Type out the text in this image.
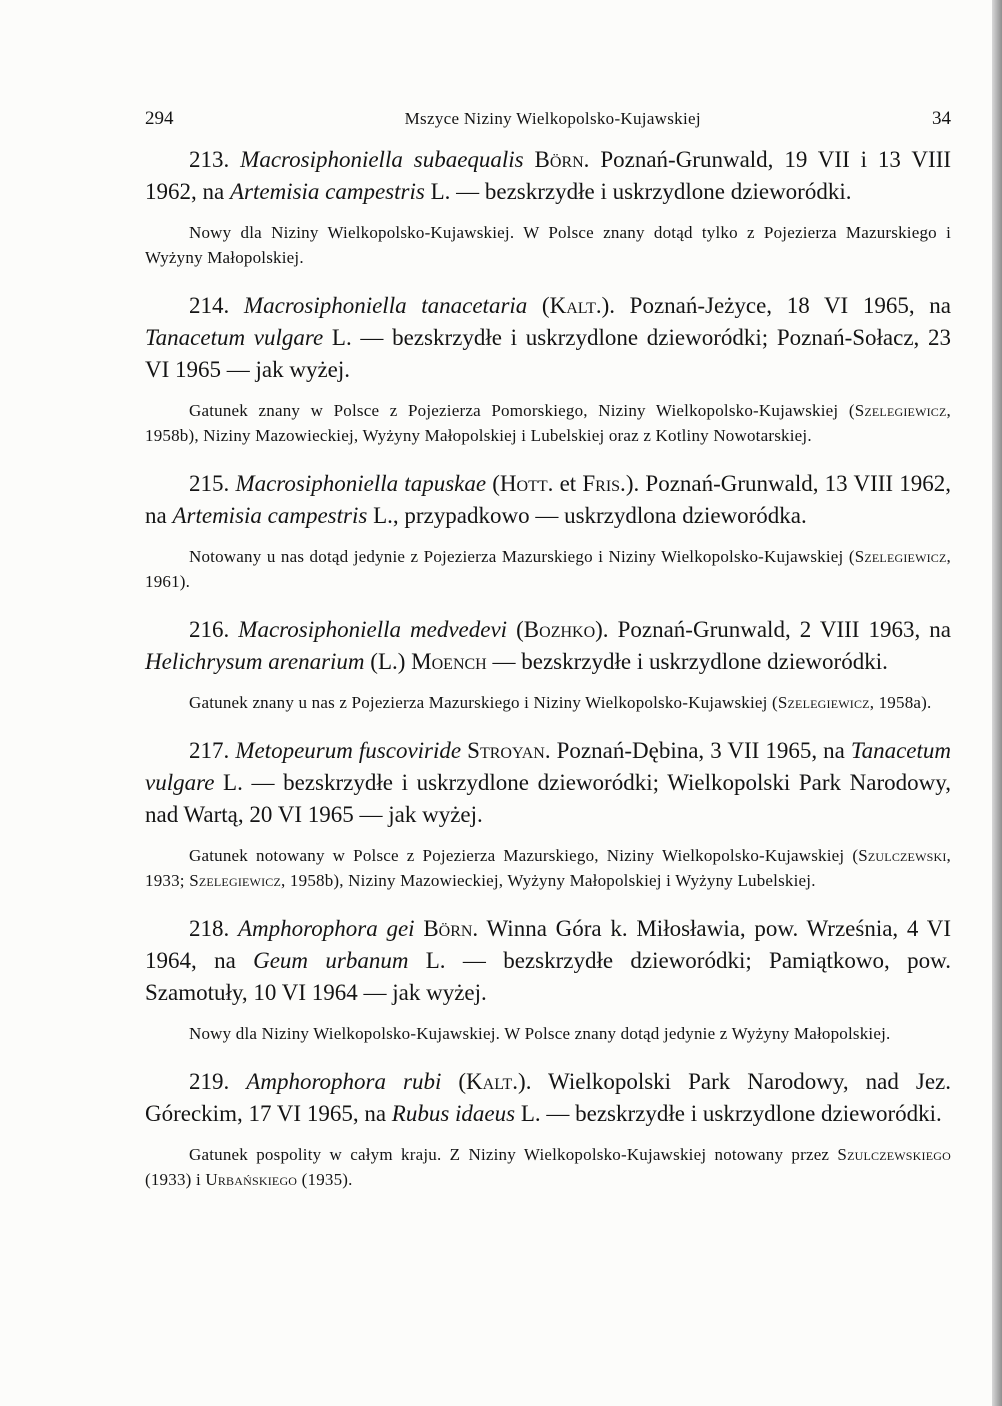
294	Mszyce Niziny Wielkopolsko-Kujawskiej	34

213. Macrosiphoniella subaequalis Börn. Poznań-Grunwald, 19 VII i 13 VIII 1962, na Artemisia campestris L. — bezskrzydłe i uskrzydlone dzieworódki.

Nowy dla Niziny Wielkopolsko-Kujawskiej. W Polsce znany dotąd tylko z Pojezierza Mazurskiego i Wyżyny Małopolskiej.

214. Macrosiphoniella tanacetaria (Kalt.). Poznań-Jeżyce, 18 VI 1965, na Tanacetum vulgare L. — bezskrzydłe i uskrzydlone dzieworódki; Poznań-Sołacz, 23 VI 1965 — jak wyżej.

Gatunek znany w Polsce z Pojezierza Pomorskiego, Niziny Wielkopolsko-Kujawskiej (Szelegiewicz, 1958b), Niziny Mazowieckiej, Wyżyny Małopolskiej i Lubelskiej oraz z Kotliny Nowotarskiej.

215. Macrosiphoniella tapuskae (Hott. et Fris.). Poznań-Grunwald, 13 VIII 1962, na Artemisia campestris L., przypadkowo — uskrzydlona dzieworódka.

Notowany u nas dotąd jedynie z Pojezierza Mazurskiego i Niziny Wielkopolsko-Kujawskiej (Szelegiewicz, 1961).

216. Macrosiphoniella medvedevi (Bozhko). Poznań-Grunwald, 2 VIII 1963, na Helichrysum arenarium (L.) Moench — bezskrzydłe i uskrzydlone dzieworódki.

Gatunek znany u nas z Pojezierza Mazurskiego i Niziny Wielkopolsko-Kujawskiej (Szelegiewicz, 1958a).

217. Metopeurum fuscoviride Stroyan. Poznań-Dębina, 3 VII 1965, na Tanacetum vulgare L. — bezskrzydłe i uskrzydlone dzieworódki; Wielkopolski Park Narodowy, nad Wartą, 20 VI 1965 — jak wyżej.

Gatunek notowany w Polsce z Pojezierza Mazurskiego, Niziny Wielkopolsko-Kujawskiej (Szulczewski, 1933; Szelegiewicz, 1958b), Niziny Mazowieckiej, Wyżyny Małopolskiej i Wyżyny Lubelskiej.

218. Amphorophora gei Börn. Winna Góra k. Miłosławia, pow. Września, 4 VI 1964, na Geum urbanum L. — bezskrzydłe dzieworódki; Pamiątkowo, pow. Szamotuły, 10 VI 1964 — jak wyżej.

Nowy dla Niziny Wielkopolsko-Kujawskiej. W Polsce znany dotąd jedynie z Wyżyny Małopolskiej.

219. Amphorophora rubi (Kalt.). Wielkopolski Park Narodowy, nad Jez. Góreckim, 17 VI 1965, na Rubus idaeus L. — bezskrzydłe i uskrzydlone dzieworódki.

Gatunek pospolity w całym kraju. Z Niziny Wielkopolsko-Kujawskiej notowany przez Szulczewskiego (1933) i Urbańskiego (1935).
